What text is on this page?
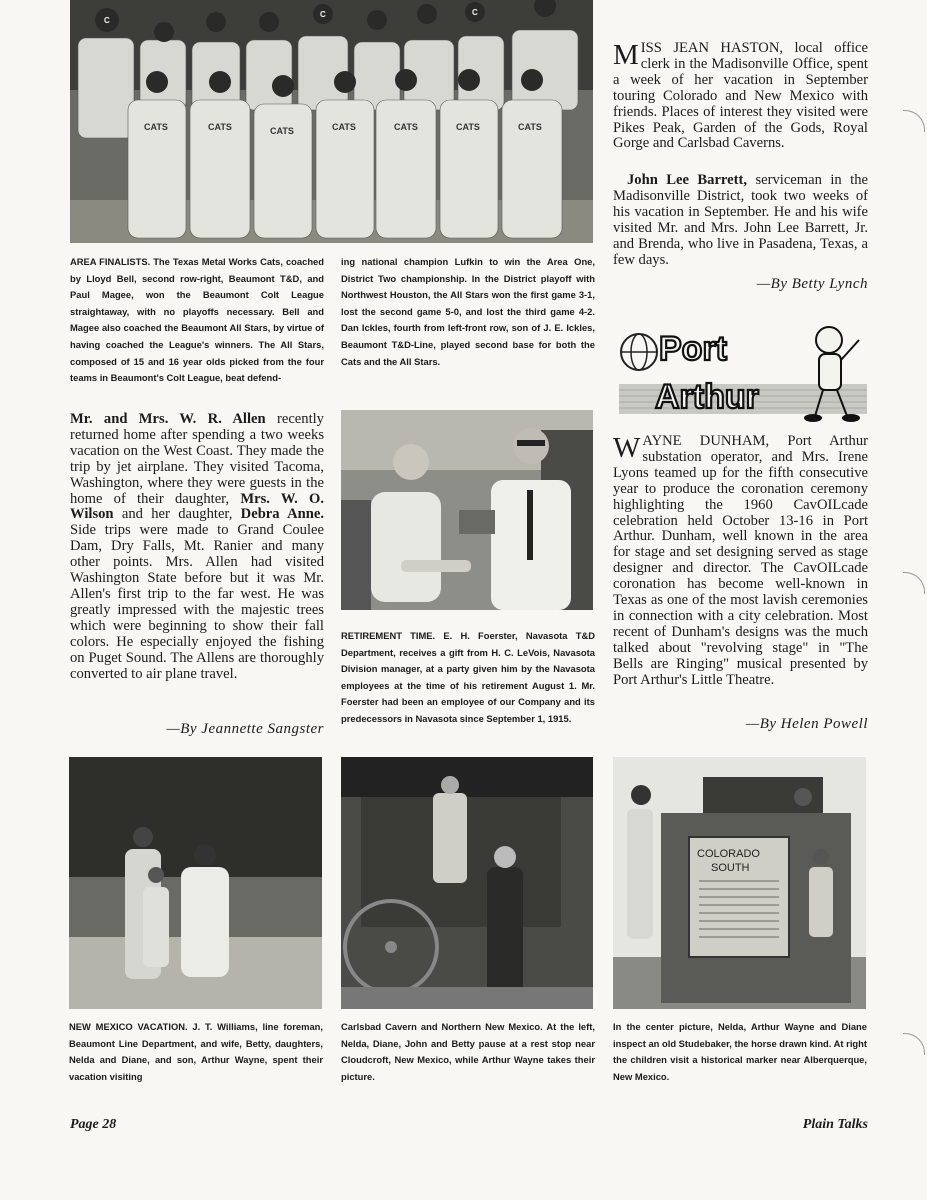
C
C	C
CATS	CATS	CATS	CATS	CATS	CATS	CATS
AREA FINALISTS. The Texas Metal Works Cats, coached by Lloyd Bell, second row-right, Beaumont T&D, and Paul Magee, won the Beaumont Colt League straightaway, with no playoffs necessary. Bell and Magee also coached the Beaumont All Stars, by virtue of having coached the League's winners. The All Stars, composed of 15 and 16 year olds picked from the four teams in Beaumont's Colt League, beat defend-
ing national champion Lufkin to win the Area One, District Two championship. In the District playoff with Northwest Houston, the All Stars won the first game 3-1, lost the second game 5-0, and lost the third game 4-2. Dan Ickles, fourth from left-front row, son of J. E. Ickles, Beaumont T&D-Line, played second base for both the Cats and the All Stars.
Mr. and Mrs. W. R. Allen recently returned home after spending a two weeks vacation on the West Coast. They made the trip by jet airplane. They visited Tacoma, Washington, where they were guests in the home of their daughter, Mrs. W. O. Wilson and her daughter, Debra Anne. Side trips were made to Grand Coulee Dam, Dry Falls, Mt. Ranier and many other points. Mrs. Allen had visited Washington State before but it was Mr. Allen's first trip to the far west. He was greatly impressed with the majestic trees which were beginning to show their fall colors. He especially enjoyed the fishing on Puget Sound. The Allens are thoroughly converted to air plane travel.
—By Jeannette Sangster
RETIREMENT TIME. E. H. Foerster, Navasota T&D Department, receives a gift from H. C. LeVois, Navasota Division manager, at a party given him by the Navasota employees at the time of his retirement August 1. Mr. Foerster had been an employee of our Company and its predecessors in Navasota since September 1, 1915.
MISS JEAN HASTON, local office clerk in the Madisonville Office, spent a week of her vacation in September touring Colorado and New Mexico with friends. Places of interest they visited were Pikes Peak, Garden of the Gods, Royal Gorge and Carlsbad Caverns.
John Lee Barrett, serviceman in the Madisonville District, took two weeks of his vacation in September. He and his wife visited Mr. and Mrs. John Lee Barrett, Jr. and Brenda, who live in Pasadena, Texas, a few days.
—By Betty Lynch
Port
Arthur
WAYNE DUNHAM, Port Arthur substation operator, and Mrs. Irene Lyons teamed up for the fifth consecutive year to produce the coronation ceremony highlighting the 1960 CavOILcade celebration held October 13-16 in Port Arthur. Dunham, well known in the area for stage and set designing served as stage designer and director. The CavOILcade coronation has become well-known in Texas as one of the most lavish ceremonies in connection with a city celebration. Most recent of Dunham's designs was the much talked about "revolving stage" in "The Bells are Ringing" musical presented by Port Arthur's Little Theatre.
—By Helen Powell
COLORADO
SOUTH
NEW MEXICO VACATION. J. T. Williams, line foreman, Beaumont Line Department, and wife, Betty, daughters, Nelda and Diane, and son, Arthur Wayne, spent their vacation visiting
Carlsbad Cavern and Northern New Mexico. At the left, Nelda, Diane, John and Betty pause at a rest stop near Cloudcroft, New Mexico, while Arthur Wayne takes their picture.
In the center picture, Nelda, Arthur Wayne and Diane inspect an old Studebaker, the horse drawn kind. At right the children visit a historical marker near Alberquerque, New Mexico.
Page 28	Plain Talks
